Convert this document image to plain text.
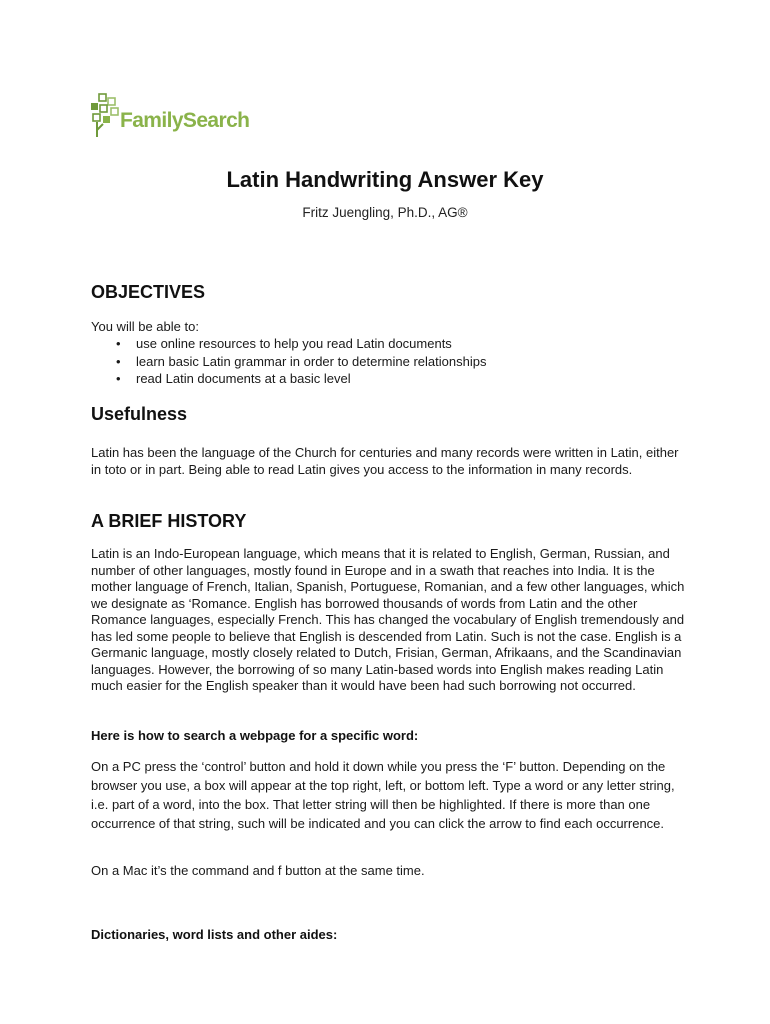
FamilySearch
Latin Handwriting Answer Key
Fritz Juengling, Ph.D., AG®
OBJECTIVES
You will be able to:
• use online resources to help you read Latin documents
• learn basic Latin grammar in order to determine relationships
• read Latin documents at a basic level
Usefulness
Latin has been the language of the Church for centuries and many records were written in Latin, either in toto or in part. Being able to read Latin gives you access to the information in many records.
A BRIEF HISTORY
Latin is an Indo-European language, which means that it is related to English, German, Russian, and number of other languages, mostly found in Europe and in a swath that reaches into India. It is the mother language of French, Italian, Spanish, Portuguese, Romanian, and a few other languages, which we designate as ‘Romance. English has borrowed thousands of words from Latin and the other Romance languages, especially French. This has changed the vocabulary of English tremendously and has led some people to believe that English is descended from Latin. Such is not the case. English is a Germanic language, mostly closely related to Dutch, Frisian, German, Afrikaans, and the Scandinavian languages. However, the borrowing of so many Latin-based words into English makes reading Latin much easier for the English speaker than it would have been had such borrowing not occurred.
Here is how to search a webpage for a specific word:
On a PC press the ‘control’ button and hold it down while you press the ‘F’ button. Depending on the browser you use, a box will appear at the top right, left, or bottom left. Type a word or any letter string, i.e. part of a word, into the box. That letter string will then be highlighted. If there is more than one occurrence of that string, such will be indicated and you can click the arrow to find each occurrence.
On a Mac it’s the command and f button at the same time.
Dictionaries, word lists and other aides:
